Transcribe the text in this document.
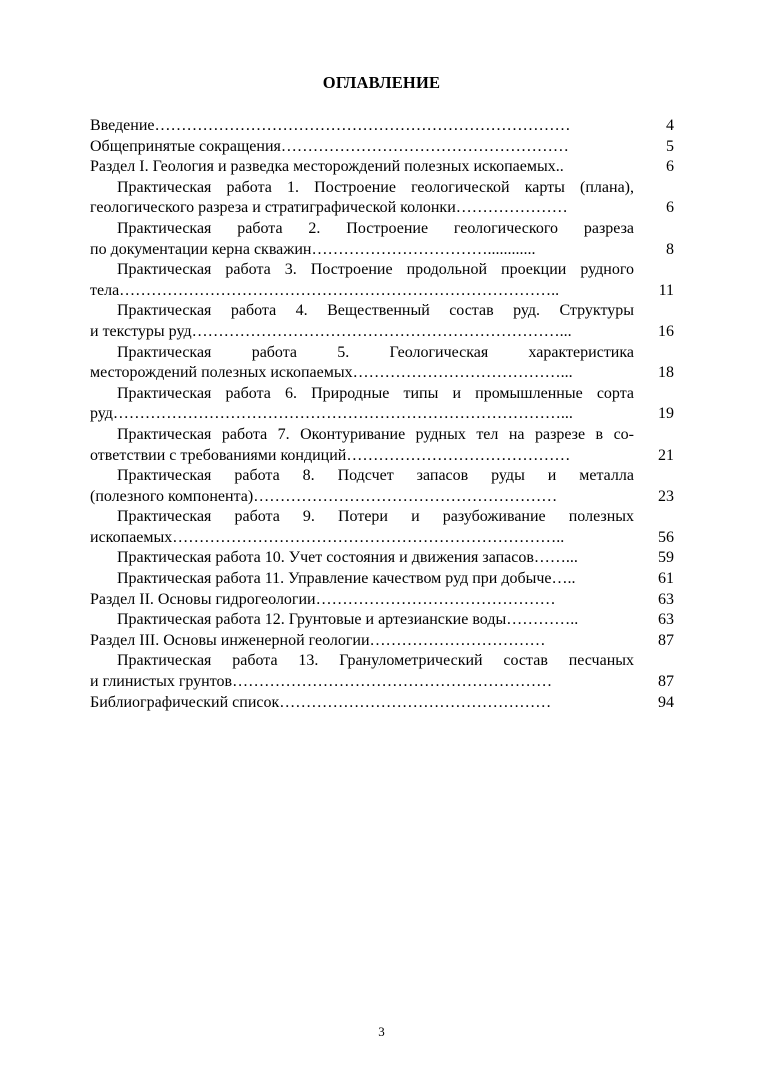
ОГЛАВЛЕНИЕ
Введение……………………………………………………………………	4
Общепринятые сокращения………………………………………………	5
Раздел I. Геология и разведка месторождений полезных ископаемых..	6
Практическая работа 1. Построение геологической карты (плана),
геологического разреза и стратиграфической колонки…………………	6
Практическая работа 2. Построение геологического разреза
по документации керна скважин……………………………............	8
Практическая работа 3. Построение продольной проекции рудного
тела………………………………………………………………………..	11
Практическая работа 4. Вещественный состав руд. Структуры
и текстуры руд……………………………………………………………...	16
Практическая работа 5. Геологическая характеристика
месторождений полезных ископаемых…………………………………...	18
Практическая работа 6. Природные типы и промышленные сорта
руд…………………………………………………………………………...	19
Практическая работа 7. Оконтуривание рудных тел на разрезе в со-
ответствии с требованиями кондиций……………………………………	21
Практическая работа 8. Подсчет запасов руды и металла
(полезного компонента)…………………………………………………	23
Практическая работа 9. Потери и разубоживание полезных
ископаемых………………………………………………………………..	56
Практическая работа 10. Учет состояния и движения запасов……...	59
Практическая работа 11. Управление качеством руд при добыче…..	61
Раздел II. Основы гидрогеологии………………………………………	63
Практическая работа 12. Грунтовые и артезианские воды…………..	63
Раздел III. Основы инженерной геологии……………………………	87
Практическая работа 13. Гранулометрический состав песчаных
и глинистых грунтов……………………………………………………	87
Библиографический список……………………………………………	94
3
